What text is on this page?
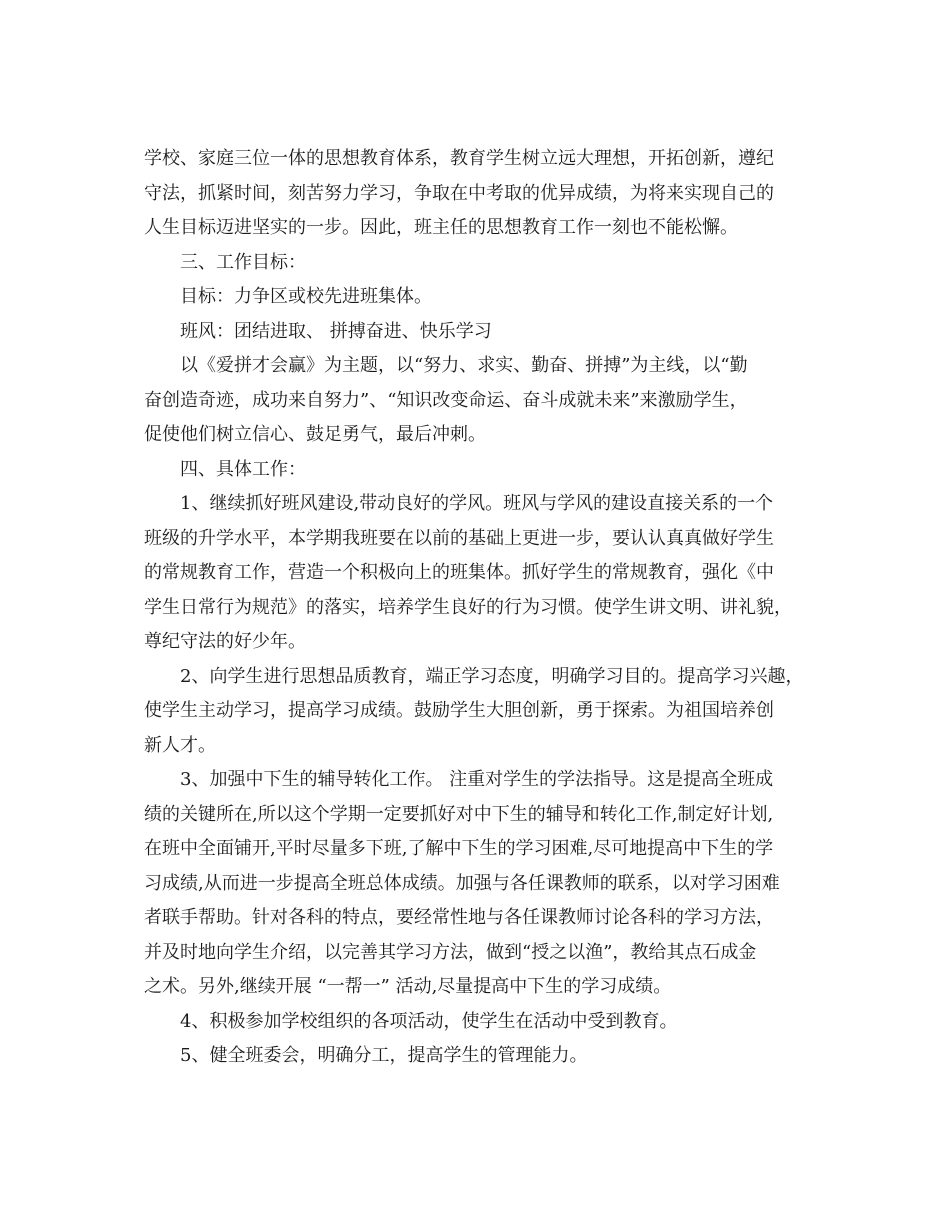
学校、家庭三位一体的思想教育体系，教育学生树立远大理想，开拓创新，遵纪
守法，抓紧时间，刻苦努力学习，争取在中考取的优异成绩，为将来实现自己的
人生目标迈进坚实的一步。因此，班主任的思想教育工作一刻也不能松懈。
三、工作目标：
目标：力争区或校先进班集体。
班风：团结进取、 拼搏奋进、快乐学习
以《爱拼才会赢》为主题，以“努力、求实、勤奋、拼搏”为主线，以“勤
奋创造奇迹，成功来自努力”、“知识改变命运、奋斗成就未来”来激励学生，
促使他们树立信心、鼓足勇气，最后冲刺。
四、具体工作：
1、继续抓好班风建设,带动良好的学风。班风与学风的建设直接关系的一个
班级的升学水平，本学期我班要在以前的基础上更进一步，要认认真真做好学生
的常规教育工作，营造一个积极向上的班集体。抓好学生的常规教育，强化《中
学生日常行为规范》的落实，培养学生良好的行为习惯。使学生讲文明、讲礼貌，
尊纪守法的好少年。
2、向学生进行思想品质教育，端正学习态度，明确学习目的。提高学习兴趣，
使学生主动学习，提高学习成绩。鼓励学生大胆创新，勇于探索。为祖国培养创
新人才。
3、加强中下生的辅导转化工作。 注重对学生的学法指导。这是提高全班成
绩的关键所在,所以这个学期一定要抓好对中下生的辅导和转化工作,制定好计划,
在班中全面铺开,平时尽量多下班,了解中下生的学习困难,尽可地提高中下生的学
习成绩,从而进一步提高全班总体成绩。加强与各任课教师的联系，以对学习困难
者联手帮助。针对各科的特点，要经常性地与各任课教师讨论各科的学习方法，
并及时地向学生介绍，以完善其学习方法，做到“授之以渔”，教给其点石成金
之术。另外,继续开展 “一帮一” 活动,尽量提高中下生的学习成绩。
4、积极参加学校组织的各项活动，使学生在活动中受到教育。
5、健全班委会，明确分工，提高学生的管理能力。
